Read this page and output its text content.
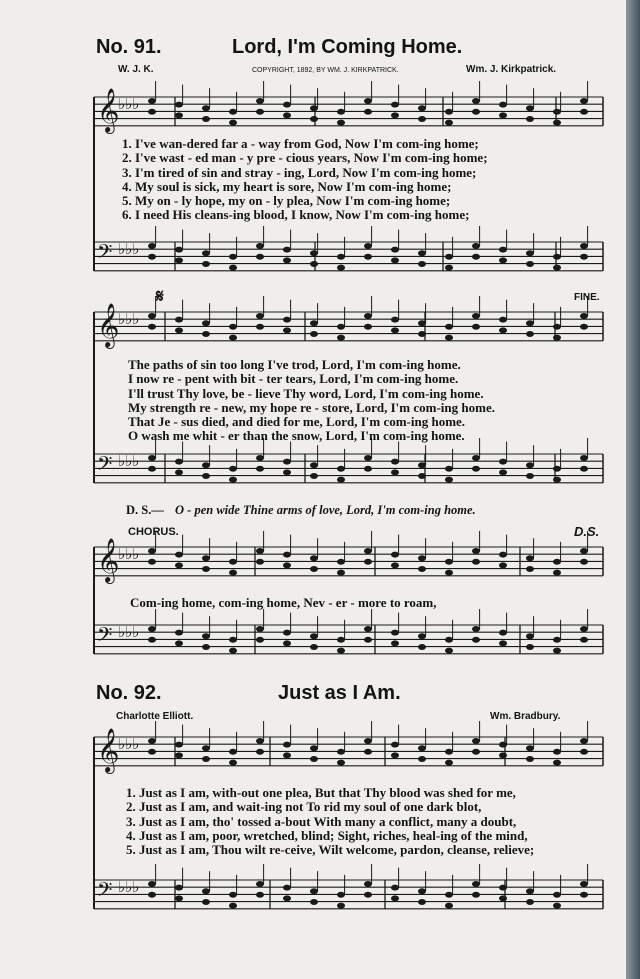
𝄞
♭♭♭
𝄢 ♭♭♭
𝄞
♭♭♭
𝄢 ♭♭♭
𝄞
♭♭♭
𝄢 ♭♭♭
𝄞
♭♭♭
𝄢 ♭♭♭
No. 91.	Lord, I'm Coming Home.
W. J. K.	COPYRIGHT, 1892, BY WM. J. KIRKPATRICK.	Wm. J. Kirkpatrick.
1. I've wan-dered far a - way from God, Now I'm com-ing home;
2. I've wast - ed man - y pre - cious years, Now I'm com-ing home;
3. I'm tired of sin and stray - ing, Lord, Now I'm com-ing home;
4. My soul is sick, my heart is sore, Now I'm com-ing home;
5. My on - ly hope, my on - ly plea, Now I'm com-ing home;
6. I need His cleans-ing blood, I know, Now I'm com-ing home;
𝄋	FINE.
The paths of sin too long I've trod, Lord, I'm com-ing home.
I now re - pent with bit - ter tears, Lord, I'm com-ing home.
I'll trust Thy love, be - lieve Thy word, Lord, I'm com-ing home.
My strength re - new, my hope re - store, Lord, I'm com-ing home.
That Je - sus died, and died for me, Lord, I'm com-ing home.
O wash me whit - er than the snow, Lord, I'm com-ing home.
D. S.— O - pen wide Thine arms of love, Lord, I'm com-ing home.
CHORUS.	D.S.
Com-ing home, com-ing home, Nev - er - more to roam,
No. 92.	Just as I Am.
Charlotte Elliott.	Wm. Bradbury.
1. Just as I am, with-out one plea, But that Thy blood was shed for me,
2. Just as I am, and wait-ing not To rid my soul of one dark blot,
3. Just as I am, tho' tossed a-bout With many a conflict, many a doubt,
4. Just as I am, poor, wretched, blind; Sight, riches, heal-ing of the mind,
5. Just as I am, Thou wilt re-ceive, Wilt welcome, pardon, cleanse, relieve;
